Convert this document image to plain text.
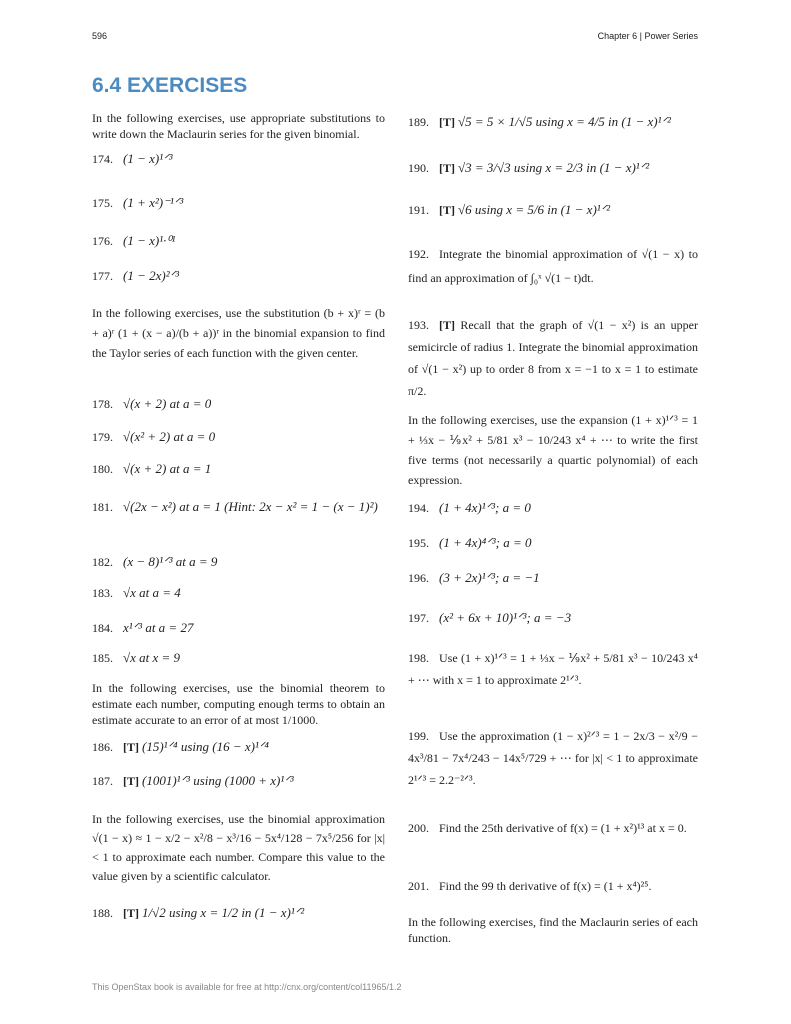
596	Chapter 6 | Power Series
6.4 EXERCISES
In the following exercises, use appropriate substitutions to write down the Maclaurin series for the given binomial.
174. (1 − x)¹ᐟ³
175. (1 + x²)⁻¹ᐟ³
176. (1 − x)¹·⁰¹
177. (1 − 2x)²ᐟ³
In the following exercises, use the substitution (b + x)ʳ = (b + a)ʳ (1 + (x − a)/(b + a))ʳ in the binomial expansion to find the Taylor series of each function with the given center.
178. √(x + 2) at a = 0
179. √(x² + 2) at a = 0
180. √(x + 2) at a = 1
181. √(2x − x²) at a = 1 (Hint: 2x − x² = 1 − (x − 1)²)
182. (x − 8)¹ᐟ³ at a = 9
183. √x at a = 4
184. x¹ᐟ³ at a = 27
185. √x at x = 9
In the following exercises, use the binomial theorem to estimate each number, computing enough terms to obtain an estimate accurate to an error of at most 1/1000.
186. [T] (15)¹ᐟ⁴ using (16 − x)¹ᐟ⁴
187. [T] (1001)¹ᐟ³ using (1000 + x)¹ᐟ³
In the following exercises, use the binomial approximation √(1 − x) ≈ 1 − x/2 − x²/8 − x³/16 − 5x⁴/128 − 7x⁵/256 for |x| < 1 to approximate each number. Compare this value to the value given by a scientific calculator.
188. [T] 1/√2 using x = 1/2 in (1 − x)¹ᐟ²
189. [T] √5 = 5 × 1/√5 using x = 4/5 in (1 − x)¹ᐟ²
190. [T] √3 = 3/√3 using x = 2/3 in (1 − x)¹ᐟ²
191. [T] √6 using x = 5/6 in (1 − x)¹ᐟ²
192. Integrate the binomial approximation of √(1 − x) to find an approximation of ∫₀ˣ √(1 − t)dt.
193. [T] Recall that the graph of √(1 − x²) is an upper semicircle of radius 1. Integrate the binomial approximation of √(1 − x²) up to order 8 from x = −1 to x = 1 to estimate π/2.
In the following exercises, use the expansion (1 + x)¹ᐟ³ = 1 + ⅓x − ⅑x² + 5/81 x³ − 10/243 x⁴ + ⋯ to write the first five terms (not necessarily a quartic polynomial) of each expression.
194. (1 + 4x)¹ᐟ³; a = 0
195. (1 + 4x)⁴ᐟ³; a = 0
196. (3 + 2x)¹ᐟ³; a = −1
197. (x² + 6x + 10)¹ᐟ³; a = −3
198. Use (1 + x)¹ᐟ³ = 1 + ⅓x − ⅑x² + 5/81 x³ − 10/243 x⁴ + ⋯ with x = 1 to approximate 2¹ᐟ³.
199. Use the approximation (1 − x)²ᐟ³ = 1 − 2x/3 − x²/9 − 4x³/81 − 7x⁴/243 − 14x⁵/729 + ⋯ for |x| < 1 to approximate 2¹ᐟ³ = 2.2⁻²ᐟ³.
200. Find the 25th derivative of f(x) = (1 + x²)¹³ at x = 0.
201. Find the 99 th derivative of f(x) = (1 + x⁴)²⁵.
In the following exercises, find the Maclaurin series of each function.
This OpenStax book is available for free at http://cnx.org/content/col11965/1.2
